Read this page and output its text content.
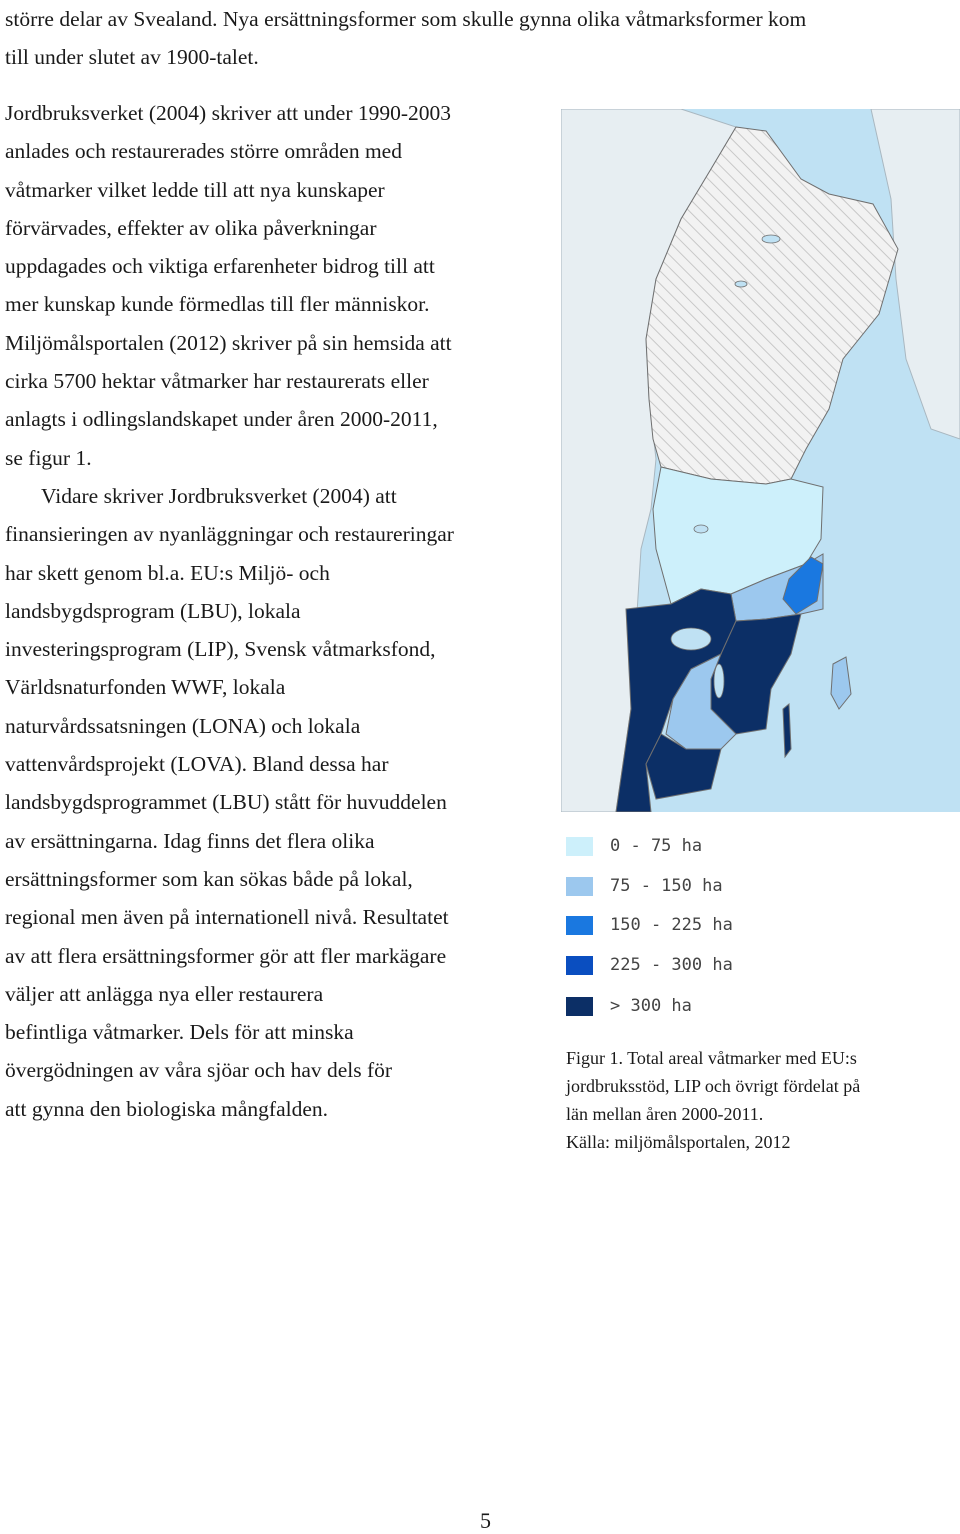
större delar av Svealand. Nya ersättningsformer som skulle gynna olika våtmarksformer kom
till under slutet av 1900-talet.

Jordbruksverket (2004) skriver att under 1990-2003
anlades och restaurerades större områden med
våtmarker vilket ledde till att nya kunskaper
förvärvades, effekter av olika påverkningar
uppdagades och viktiga erfarenheter bidrog till att
mer kunskap kunde förmedlas till fler människor.
Miljömålsportalen (2012) skriver på sin hemsida att
cirka 5700 hektar våtmarker har restaurerats eller
anlagts i odlingslandskapet under åren 2000-2011,
se figur 1.

Vidare skriver Jordbruksverket (2004) att
finansieringen av nyanläggningar och restaureringar
har skett genom bl.a. EU:s Miljö- och
landsbygdsprogram (LBU), lokala
investeringsprogram (LIP), Svensk våtmarksfond,
Världsnaturfonden WWF, lokala
naturvårdssatsningen (LONA) och lokala
vattenvårdsprojekt (LOVA). Bland dessa har
landsbygdsprogrammet (LBU) stått för huvuddelen
av ersättningarna. Idag finns det flera olika
ersättningsformer som kan sökas både på lokal,
regional men även på internationell nivå. Resultatet
av att flera ersättningsformer gör att fler markägare
väljer att anlägga nya eller restaurera
befintliga våtmarker. Dels för att minska
övergödningen av våra sjöar och hav dels för
att gynna den biologiska mångfalden.

0 - 75 ha
75 - 150 ha
150 - 225 ha
225 - 300 ha
> 300 ha
Figur 1. Total areal våtmarker med EU:s
jordbruksstöd, LIP och övrigt fördelat på
län mellan åren 2000-2011.
Källa: miljömålsportalen, 2012
5
